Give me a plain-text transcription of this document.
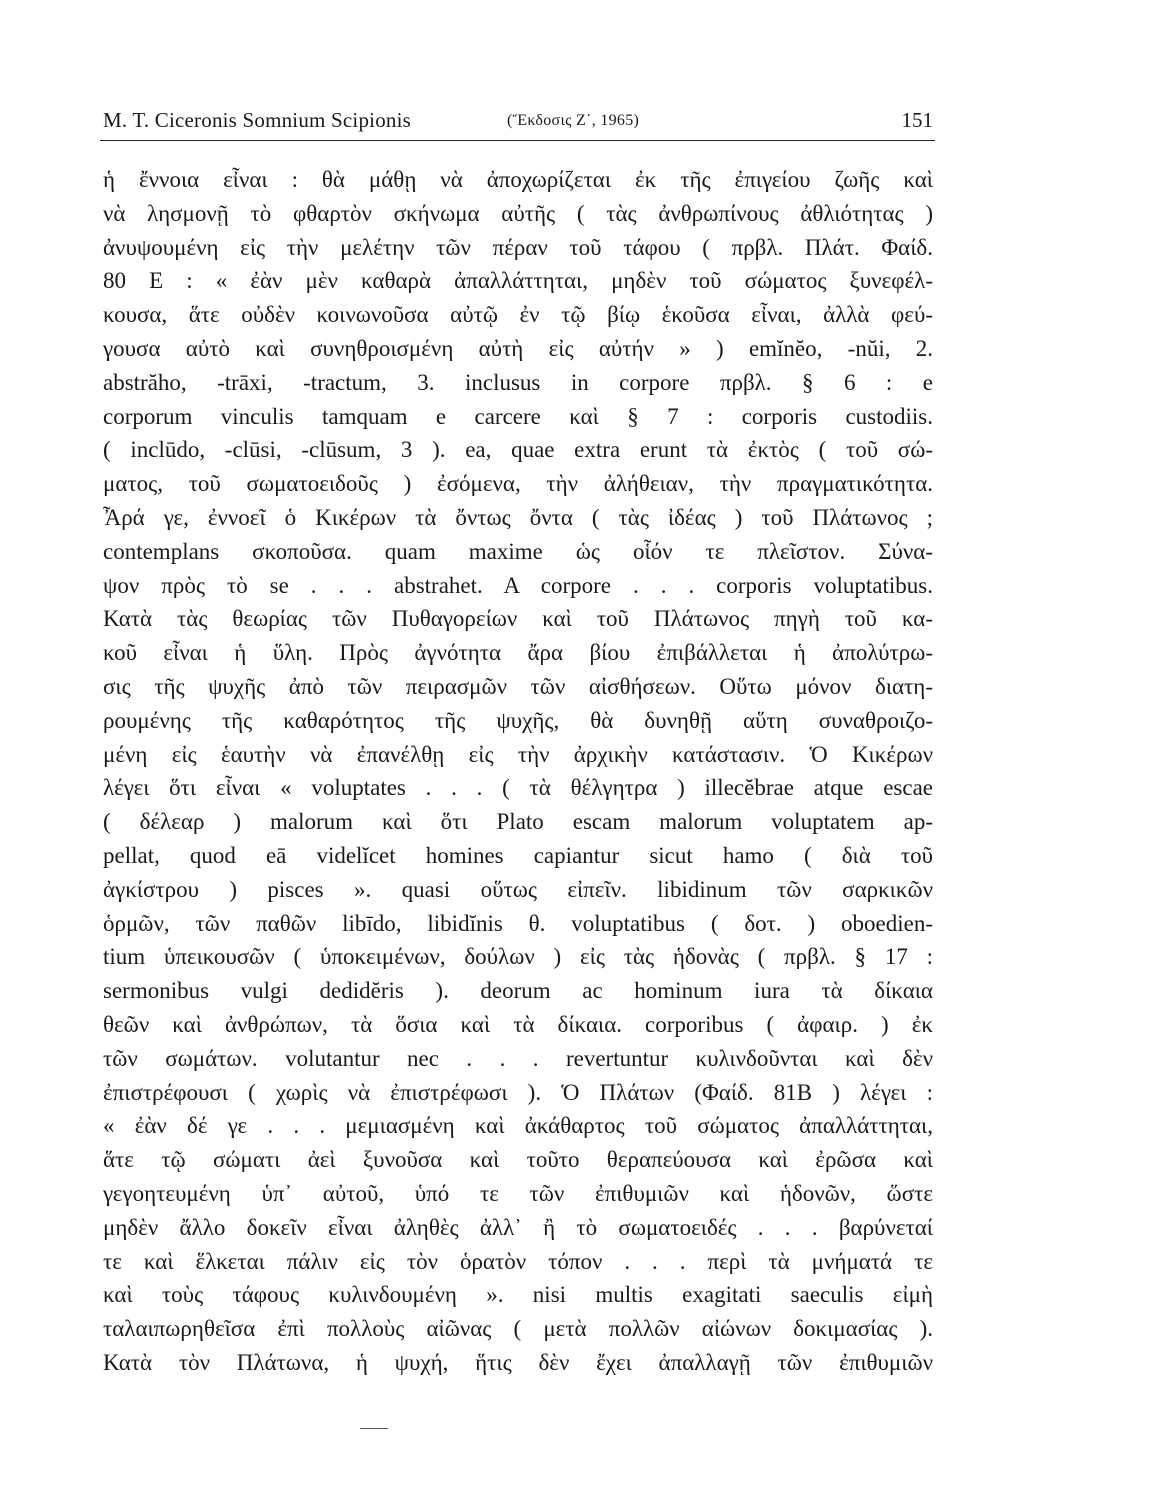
M. T. Ciceronis Somnium Scipionis	(Ἔκδοσις Ζ΄, 1965)	151
ἡ ἔννοια εἶναι : θὰ μάθῃ νὰ ἀποχωρίζεται ἐκ τῆς ἐπιγείου ζωῆς καὶ
νὰ λησμονῇ τὸ φθαρτὸν σκήνωμα αὐτῆς ( τὰς ἀνθρωπίνους ἀθλιότητας )
ἀνυψουμένη εἰς τὴν μελέτην τῶν πέραν τοῦ τάφου ( πρβλ. Πλάτ. Φαίδ.
80 E : « ἐὰν μὲν καθαρὰ ἀπαλλάττηται, μηδὲν τοῦ σώματος ξυνεφέλ-
κουσα, ἅτε οὐδὲν κοινωνοῦσα αὐτῷ ἐν τῷ βίῳ ἑκοῦσα εἶναι, ἀλλὰ φεύ-
γουσα αὐτὸ καὶ συνηθροισμένη αὐτὴ εἰς αὐτήν » ) emĭnĕo, -nŭi, 2.
abstrăho, -trāxi, -tractum, 3. inclusus in corpore πρβλ. § 6 : e
corporum vinculis tamquam e carcere καὶ § 7 : corporis custodiis.
( inclūdo, -clūsi, -clūsum, 3 ). ea, quae extra erunt τὰ ἐκτὸς ( τοῦ σώ-
ματος, τοῦ σωματοειδοῦς ) ἐσόμενα, τὴν ἀλήθειαν, τὴν πραγματικότητα.
Ἆρά γε, ἐννοεῖ ὁ Κικέρων τὰ ὄντως ὄντα ( τὰς ἰδέας ) τοῦ Πλάτωνος ;
contemplans σκοποῦσα. quam maxime ὡς οἷόν τε πλεῖστον. Σύνα-
ψον πρὸς τὸ se . . . abstrahet. A corpore . . . corporis voluptatibus.
Κατὰ τὰς θεωρίας τῶν Πυθαγορείων καὶ τοῦ Πλάτωνος πηγὴ τοῦ κα-
κοῦ εἶναι ἡ ὕλη. Πρὸς ἀγνότητα ἄρα βίου ἐπιβάλλεται ἡ ἀπολύτρω-
σις τῆς ψυχῆς ἀπὸ τῶν πειρασμῶν τῶν αἰσθήσεων. Οὕτω μόνον διατη-
ρουμένης τῆς καθαρότητος τῆς ψυχῆς, θὰ δυνηθῇ αὕτη συναθροιζο-
μένη εἰς ἑαυτὴν νὰ ἐπανέλθῃ εἰς τὴν ἀρχικὴν κατάστασιν. Ὁ Κικέρων
λέγει ὅτι εἶναι « voluptates . . . ( τὰ θέλγητρα ) illecĕbrae atque escae
( δέλεαρ ) malorum καὶ ὅτι Plato escam malorum voluptatem ap-
pellat, quod eā videlĭcet homines capiantur sicut hamo ( διὰ τοῦ
ἀγκίστρου ) pisces ». quasi οὕτως εἰπεῖν. libidinum τῶν σαρκικῶν
ὁρμῶν, τῶν παθῶν libīdo, libidĭnis θ. voluptatibus ( δοτ. ) oboedien-
tium ὑπεικουσῶν ( ὑποκειμένων, δούλων ) εἰς τὰς ἡδονὰς ( πρβλ. § 17 :
sermonibus vulgi dedidĕris ). deorum ac hominum iura τὰ δίκαια
θεῶν καὶ ἀνθρώπων, τὰ ὅσια καὶ τὰ δίκαια. corporibus ( ἀφαιρ. ) ἐκ
τῶν σωμάτων. volutantur nec . . . revertuntur κυλινδοῦνται καὶ δὲν
ἐπιστρέφουσι ( χωρὶς νὰ ἐπιστρέφωσι ). Ὁ Πλάτων (Φαίδ. 81B ) λέγει :
« ἐὰν δέ γε . . . μεμιασμένη καὶ ἀκάθαρτος τοῦ σώματος ἀπαλλάττηται,
ἅτε τῷ σώματι ἀεὶ ξυνοῦσα καὶ τοῦτο θεραπεύουσα καὶ ἐρῶσα καὶ
γεγοητευμένη ὑπ᾿ αὐτοῦ, ὑπό τε τῶν ἐπιθυμιῶν καὶ ἡδονῶν, ὥστε
μηδὲν ἄλλο δοκεῖν εἶναι ἀληθὲς ἀλλ᾿ ἢ τὸ σωματοειδές . . . βαρύνεταί
τε καὶ ἕλκεται πάλιν εἰς τὸν ὁρατὸν τόπον . . . περὶ τὰ μνήματά τε
καὶ τοὺς τάφους κυλινδουμένη ». nisi multis exagitati saeculis εἰμὴ
ταλαιπωρηθεῖσα ἐπὶ πολλοὺς αἰῶνας ( μετὰ πολλῶν αἰώνων δοκιμασίας ).
Κατὰ τὸν Πλάτωνα, ἡ ψυχή, ἥτις δὲν ἔχει ἀπαλλαγῇ τῶν ἐπιθυμιῶν
